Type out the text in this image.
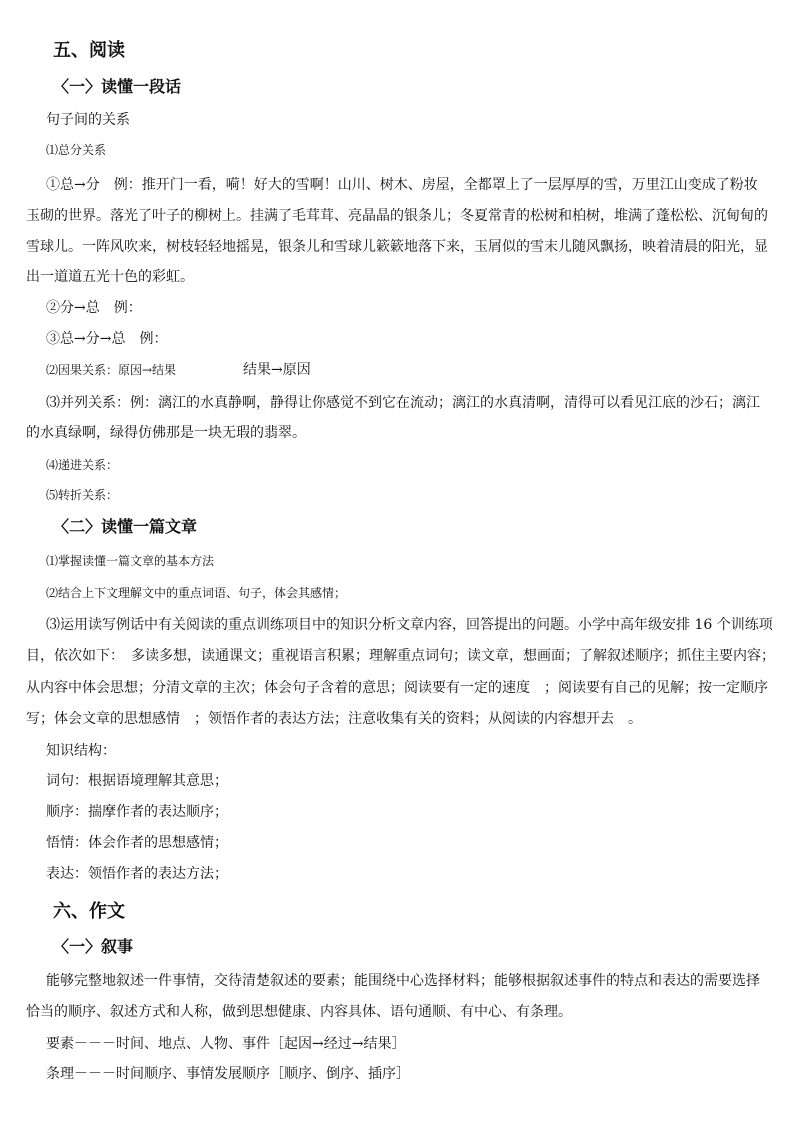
五、阅读
〈一〉读懂一段话
句子间的关系
⑴总分关系
①总→分　例：推开门一看，嗬！好大的雪啊！山川、树木、房屋，全都罩上了一层厚厚的雪，万里江山变成了粉妆
玉砌的世界。落光了叶子的柳树上。挂满了毛茸茸、亮晶晶的银条儿；冬夏常青的松树和柏树，堆满了蓬松松、沉甸甸的
雪球儿。一阵风吹来，树枝轻轻地摇晃，银条儿和雪球儿簌簌地落下来，玉屑似的雪末儿随风飘扬，映着清晨的阳光，显
出一道道五光十色的彩虹。
②分→总　例：
③总→分→总　例：
⑵因果关系：原因→结果	结果→原因
⑶并列关系：例：漓江的水真静啊，静得让你感觉不到它在流动；漓江的水真清啊，清得可以看见江底的沙石；漓江
的水真绿啊，绿得仿佛那是一块无瑕的翡翠。
⑷递进关系：
⑸转折关系：
〈二〉读懂一篇文章
⑴掌握读懂一篇文章的基本方法
⑵结合上下文理解文中的重点词语、句子，体会其感情；
⑶运用读写例话中有关阅读的重点训练项目中的知识分析文章内容，回答提出的问题。小学中高年级安排 16 个训练项
目，依次如下：　多读多想，读通课文；重视语言积累；理解重点词句；读文章，想画面；了解叙述顺序；抓住主要内容；
从内容中体会思想；分清文章的主次；体会句子含着的意思；阅读要有一定的速度　；阅读要有自己的见解；按一定顺序
写；体会文章的思想感情　；领悟作者的表达方法；注意收集有关的资料；从阅读的内容想开去　。
知识结构：
词句：根据语境理解其意思；
顺序：揣摩作者的表达顺序；
悟情：体会作者的思想感情；
表达：领悟作者的表达方法；
六、作文
〈一〉叙事
能够完整地叙述一件事情，交待清楚叙述的要素；能围绕中心选择材料；能够根据叙述事件的特点和表达的需要选择
恰当的顺序、叙述方式和人称，做到思想健康、内容具体、语句通顺、有中心、有条理。
要素－－－时间、地点、人物、事件［起因→经过→结果］
条理－－－时间顺序、事情发展顺序［顺序、倒序、插序］
